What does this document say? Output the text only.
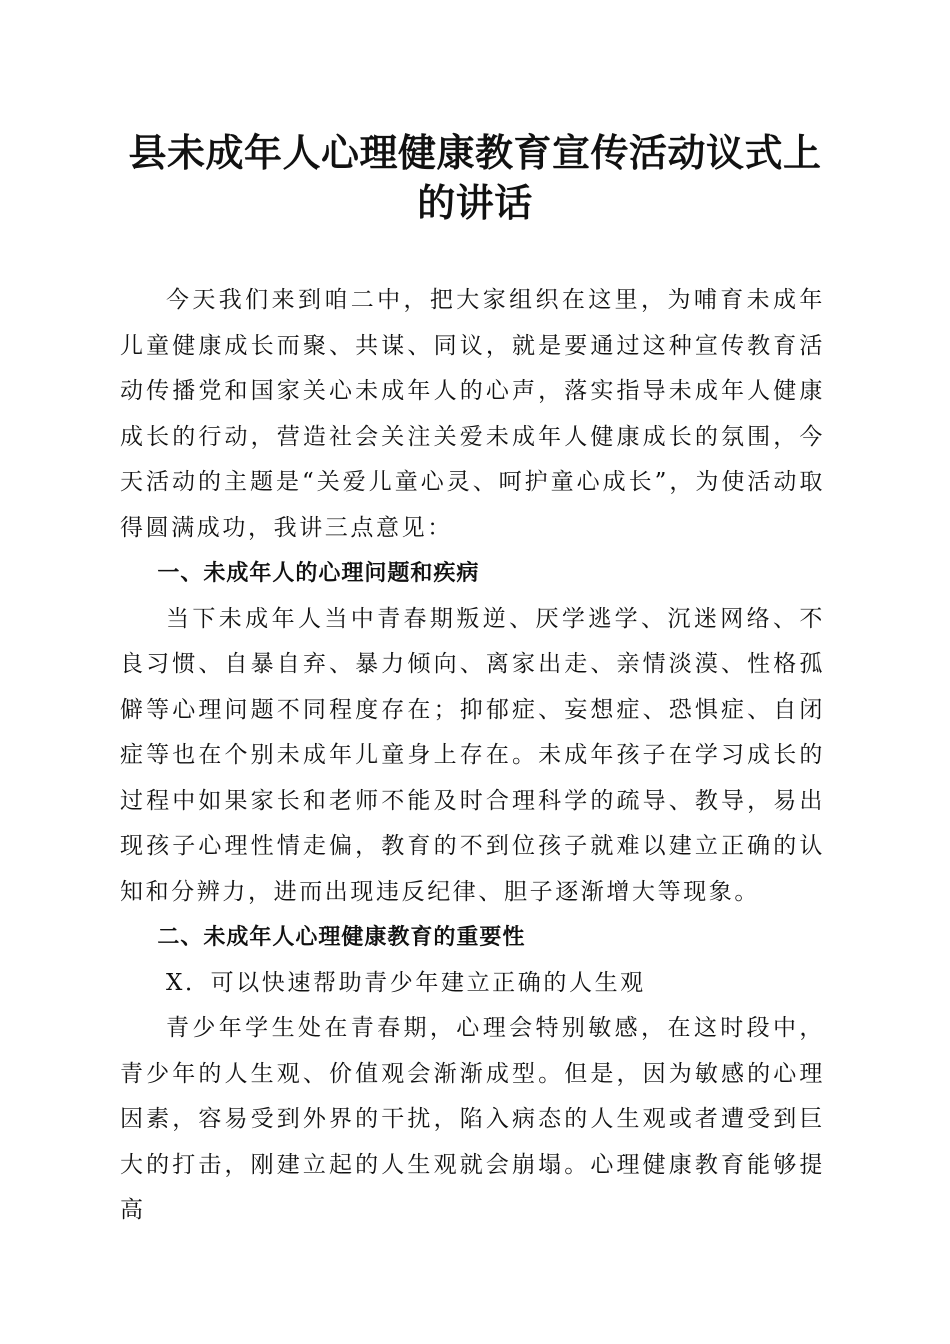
县未成年人心理健康教育宣传活动议式上的讲话

今天我们来到咱二中，把大家组织在这里，为哺育未成年儿童健康成长而聚、共谋、同议，就是要通过这种宣传教育活动传播党和国家关心未成年人的心声，落实指导未成年人健康成长的行动，营造社会关注关爱未成年人健康成长的氛围，今天活动的主题是“关爱儿童心灵、呵护童心成长”，为使活动取得圆满成功，我讲三点意见：

一、未成年人的心理问题和疾病

当下未成年人当中青春期叛逆、厌学逃学、沉迷网络、不良习惯、自暴自弃、暴力倾向、离家出走、亲情淡漠、性格孤僻等心理问题不同程度存在；抑郁症、妄想症、恐惧症、自闭症等也在个别未成年儿童身上存在。未成年孩子在学习成长的过程中如果家长和老师不能及时合理科学的疏导、教导，易出现孩子心理性情走偏，教育的不到位孩子就难以建立正确的认知和分辨力，进而出现违反纪律、胆子逐渐增大等现象。

二、未成年人心理健康教育的重要性

X．可以快速帮助青少年建立正确的人生观

青少年学生处在青春期，心理会特别敏感，在这时段中，青少年的人生观、价值观会渐渐成型。但是，因为敏感的心理因素，容易受到外界的干扰，陷入病态的人生观或者遭受到巨大的打击，刚建立起的人生观就会崩塌。心理健康教育能够提高
